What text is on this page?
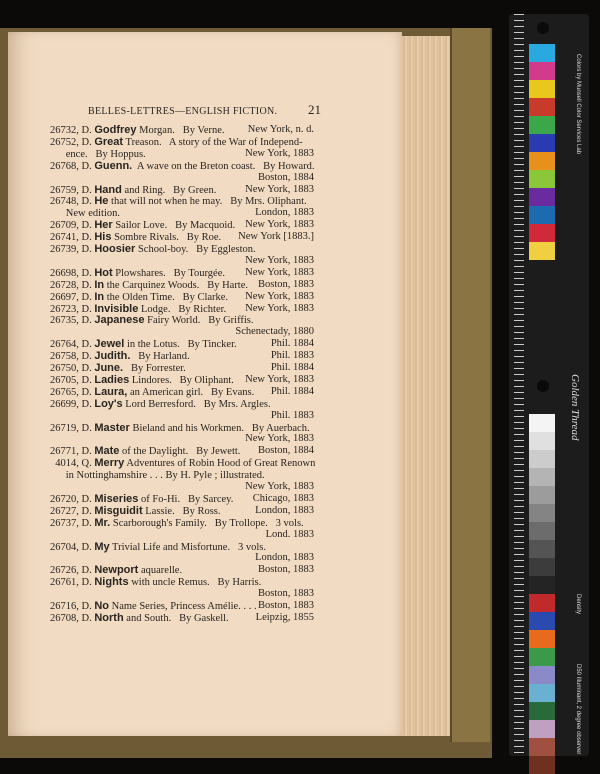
BELLES-LETTRES—ENGLISH FICTION.	21
26732, D. Godfrey Morgan.   By Verne. New York, n. d.
26752, D. Great Treason.   A story of the War of Independ-
ence.   By Hoppus.	New York, 1883
26768, D. Guenn.  A wave on the Breton coast.   By Howard.
Boston, 1884
26759, D. Hand and Ring.   By Green.	New York, 1883
26748, D. He that will not when he may.   By Mrs. Oliphant.
New edition.	London, 1883
26709, D. Her Sailor Love.   By Macquoid. New York, 1883
26741, D. His Sombre Rivals.   By Roe. New York [1883.]
26739, D. Hoosier School-boy.   By Eggleston.
New York, 1883
26698, D. Hot Plowshares.   By Tourgée. New York, 1883
26728, D. In the Carquinez Woods.   By Harte. Boston, 1883
26697, D. In the Olden Time.   By Clarke. New York, 1883
26723, D. Invisible Lodge.   By Richter. New York, 1883
26735, D. Japanese Fairy World.   By Griffis.
Schenectady, 1880
26764, D. Jewel in the Lotus.   By Tincker.	Phil. 1884
26758, D. Judith.   By Harland.	Phil. 1883
26750, D. June.   By Forrester.	Phil. 1884
26705, D. Ladies Lindores.   By Oliphant. New York, 1883
26765, D. Laura, an American girl.   By Evans. Phil. 1884
26699, D. Loy's Lord Berresford.   By Mrs. Argles.
Phil. 1883
26719, D. Master Bieland and his Workmen.   By Auerbach.
New York, 1883
26771, D. Mate of the Daylight.   By Jewett. Boston, 1884
4014, Q. Merry Adventures of Robin Hood of Great Renown
in Nottinghamshire . . . By H. Pyle ; illustrated.
New York, 1883
26720, D. Miseries of Fo-Hi.   By Sarcey. Chicago, 1883
26727, D. Misguidit Lassie.   By Ross.	London, 1883
26737, D. Mr. Scarborough's Family.   By Trollope.   3 vols.
Lond. 1883
26704, D. My Trivial Life and Misfortune.   3 vols.
London, 1883
26726, D. Newport aquarelle.	Boston, 1883
26761, D. Nights with uncle Remus.   By Harris.
Boston, 1883
26716, D. No Name Series, Princess Amélie. . . . Boston, 1883
26708, D. North and South.   By Gaskell.	Leipzig, 1855
Colors by Munsell Color Services Lab
Golden Thread
Density
D50 Illuminant, 2 degree observer
